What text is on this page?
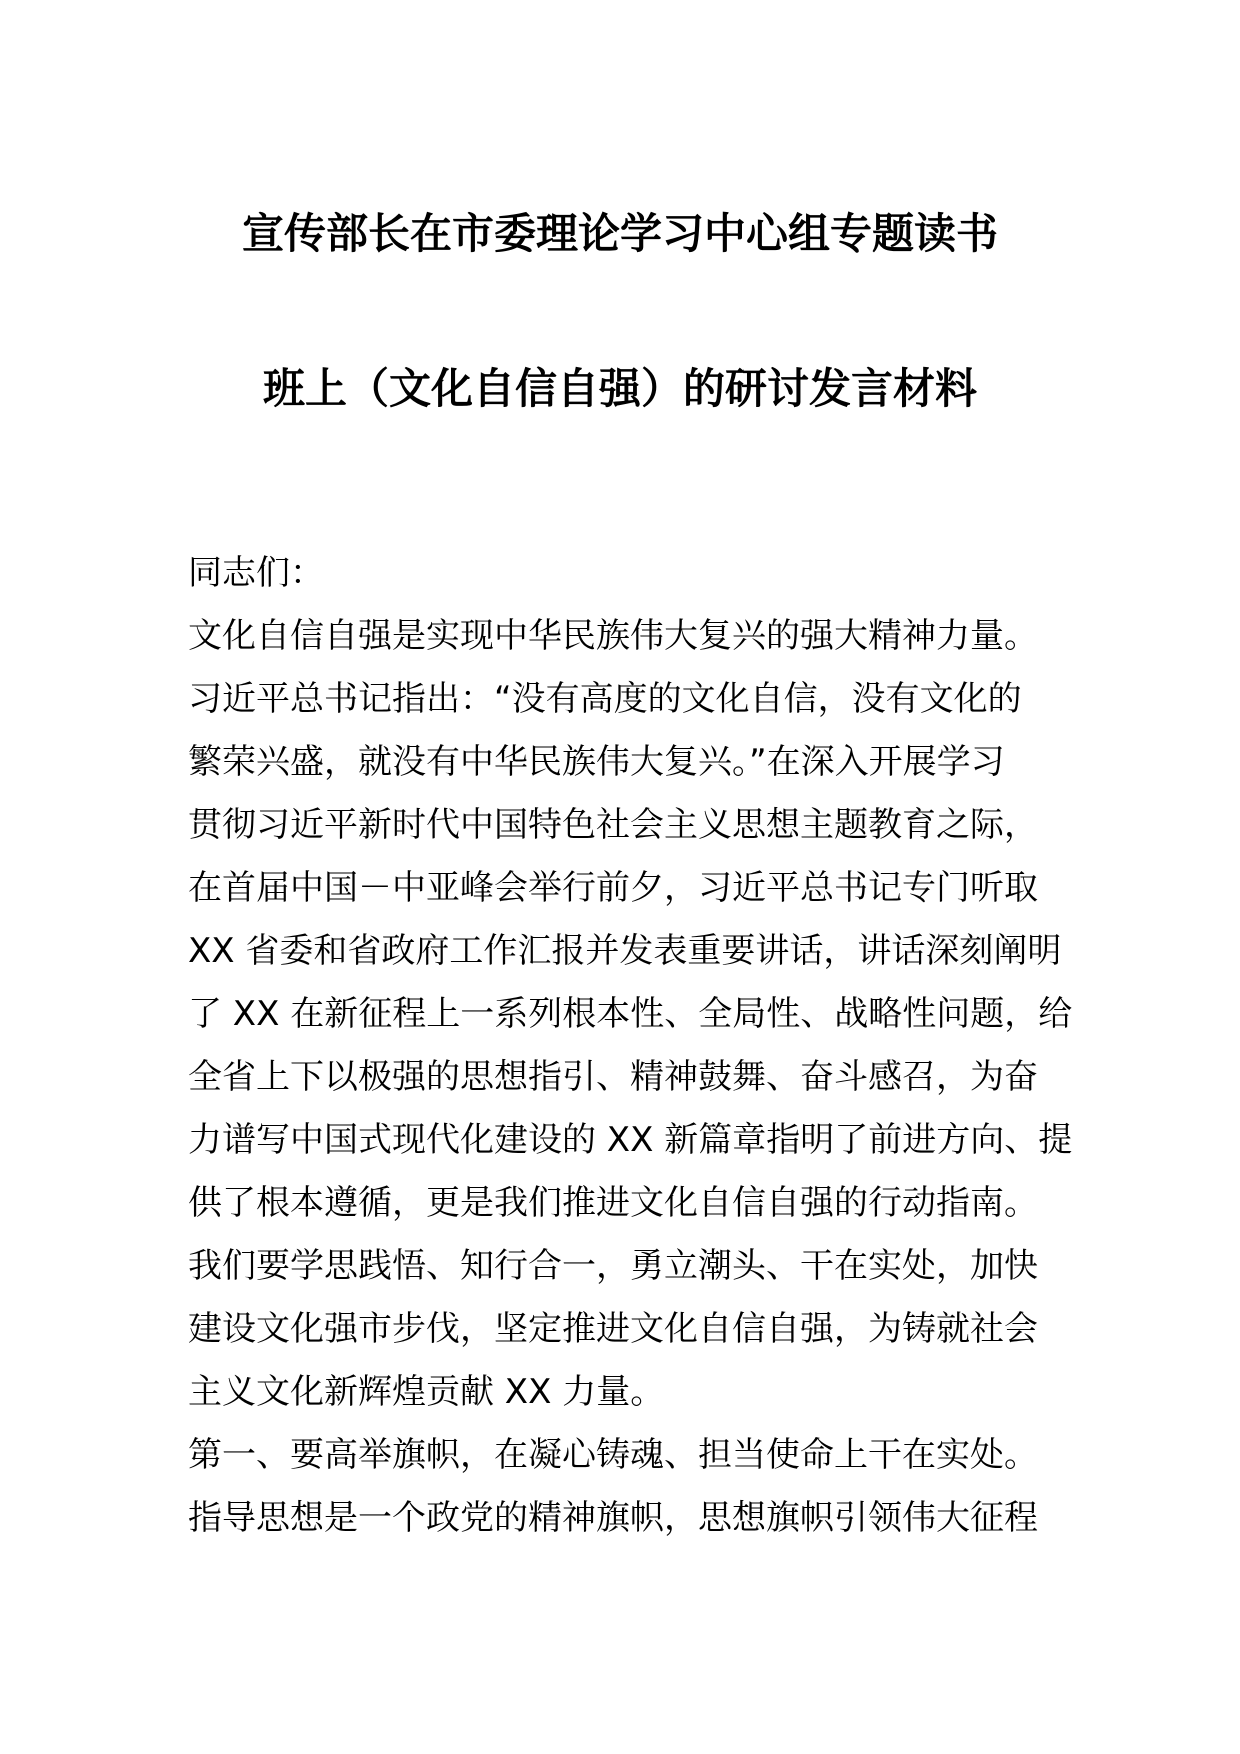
宣传部长在市委理论学习中心组专题读书
班上（文化自信自强）的研讨发言材料
同志们：
文化自信自强是实现中华民族伟大复兴的强大精神力量。
习近平总书记指出：“没有高度的文化自信，没有文化的
繁荣兴盛，就没有中华民族伟大复兴。”在深入开展学习
贯彻习近平新时代中国特色社会主义思想主题教育之际，
在首届中国－中亚峰会举行前夕，习近平总书记专门听取
XX 省委和省政府工作汇报并发表重要讲话，讲话深刻阐明
了 XX 在新征程上一系列根本性、全局性、战略性问题，给
全省上下以极强的思想指引、精神鼓舞、奋斗感召，为奋
力谱写中国式现代化建设的 XX 新篇章指明了前进方向、提
供了根本遵循，更是我们推进文化自信自强的行动指南。
我们要学思践悟、知行合一，勇立潮头、干在实处，加快
建设文化强市步伐，坚定推进文化自信自强，为铸就社会
主义文化新辉煌贡献 XX 力量。
第一、要高举旗帜，在凝心铸魂、担当使命上干在实处。
指导思想是一个政党的精神旗帜，思想旗帜引领伟大征程
